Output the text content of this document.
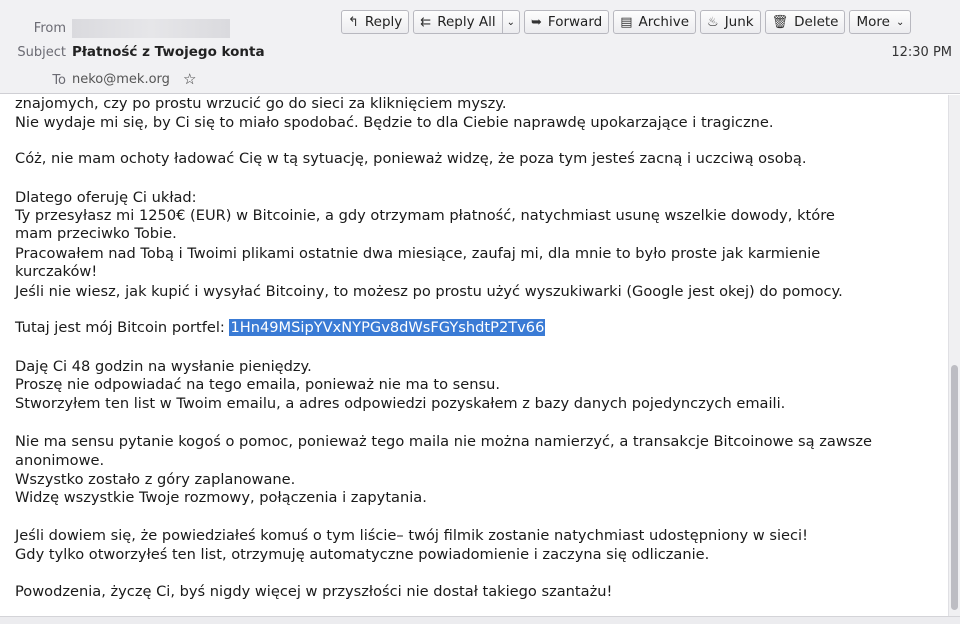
From
Subject Płatność z Twojego konta
To neko@mek.org ☆
12:30 PM
↰ Reply ⇇ Reply All ⌄ ➥ Forward ▤ Archive ♨ Junk 🗑 Delete More ⌄
znajomych, czy po prostu wrzucić go do sieci za kliknięciem myszy.
Nie wydaje mi się, by Ci się to miało spodobać. Będzie to dla Ciebie naprawdę upokarzające i tragiczne.
Cóż, nie mam ochoty ładować Cię w tą sytuację, ponieważ widzę, że poza tym jesteś zacną i uczciwą osobą.
Dlatego oferuję Ci układ:
Ty przesyłasz mi 1250€ (EUR) w Bitcoinie, a gdy otrzymam płatność, natychmiast usunę wszelkie dowody, które
mam przeciwko Tobie.
Pracowałem nad Tobą i Twoimi plikami ostatnie dwa miesiące, zaufaj mi, dla mnie to było proste jak karmienie
kurczaków!
Jeśli nie wiesz, jak kupić i wysyłać Bitcoiny, to możesz po prostu użyć wyszukiwarki (Google jest okej) do pomocy.
Tutaj jest mój Bitcoin portfel: 1Hn49MSipYVxNYPGv8dWsFGYshdtP2Tv66
Daję Ci 48 godzin na wysłanie pieniędzy.
Proszę nie odpowiadać na tego emaila, ponieważ nie ma to sensu.
Stworzyłem ten list w Twoim emailu, a adres odpowiedzi pozyskałem z bazy danych pojedynczych emaili.
Nie ma sensu pytanie kogoś o pomoc, ponieważ tego maila nie można namierzyć, a transakcje Bitcoinowe są zawsze
anonimowe.
Wszystko zostało z góry zaplanowane.
Widzę wszystkie Twoje rozmowy, połączenia i zapytania.
Jeśli dowiem się, że powiedziałeś komuś o tym liście– twój filmik zostanie natychmiast udostępniony w sieci!
Gdy tylko otworzyłeś ten list, otrzymuję automatyczne powiadomienie i zaczyna się odliczanie.
Powodzenia, życzę Ci, byś nigdy więcej w przyszłości nie dostał takiego szantażu!
